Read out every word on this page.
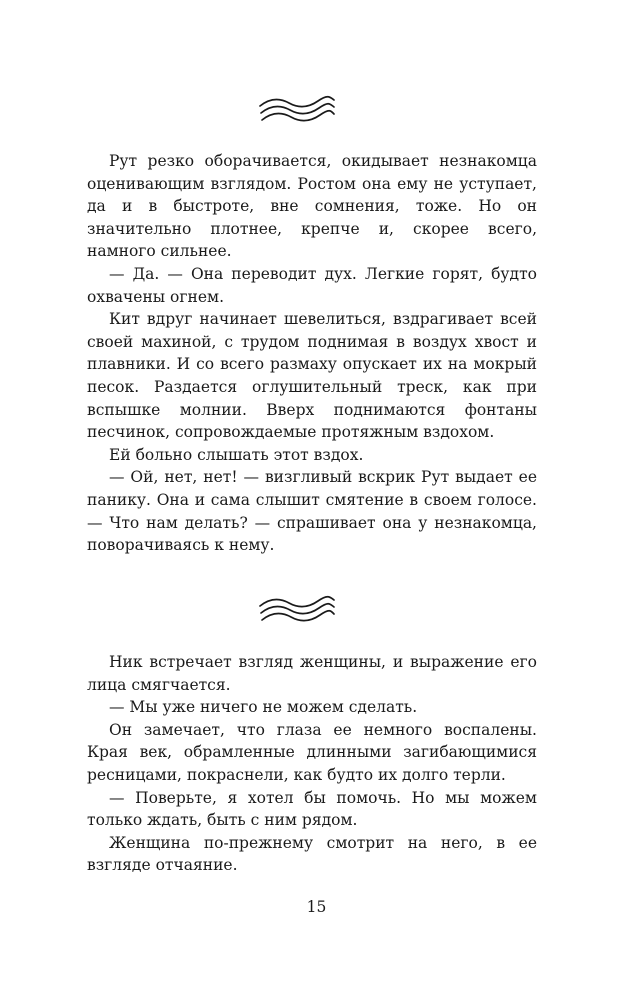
Рут резко оборачивается, окидывает незнакомца оценивающим взглядом. Ростом она ему не уступает, да и в быстроте, вне сомнения, тоже. Но он значительно плотнее, крепче и, скорее всего, намного сильнее.

— Да. — Она переводит дух. Легкие горят, будто охвачены огнем.

Кит вдруг начинает шевелиться, вздрагивает всей своей махиной, с трудом поднимая в воздух хвост и плавники. И со всего размаху опускает их на мокрый песок. Раздается оглушительный треск, как при вспышке молнии. Вверх поднимаются фонтаны песчинок, сопровождаемые протяжным вздохом.

Ей больно слышать этот вздох.

— Ой, нет, нет! — визгливый вскрик Рут выдает ее панику. Она и сама слышит смятение в своем голосе. — Что нам делать? — спрашивает она у незнакомца, поворачиваясь к нему.

Ник встречает взгляд женщины, и выражение его лица смягчается.

— Мы уже ничего не можем сделать.

Он замечает, что глаза ее немного воспалены. Края век, обрамленные длинными загибающимися ресницами, покраснели, как будто их долго терли.

— Поверьте, я хотел бы помочь. Но мы можем только ждать, быть с ним рядом.

Женщина по-прежнему смотрит на него, в ее взгляде отчаяние.

15
